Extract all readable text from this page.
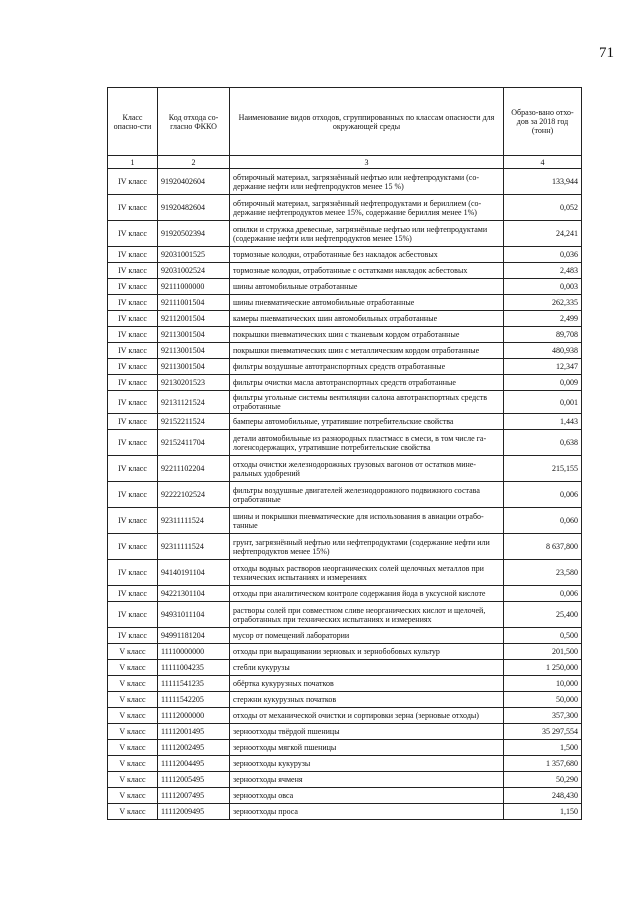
71
Класс опасно-сти	Код отхода со-гласно ФККО	Наименование видов отходов, сгруппированных по классам опасности для окружающей среды	Образо-вано отхо-дов за 2018 год (тонн)
1	2	3	4
IV класс	91920402604	обтирочный материал, загрязнённый нефтью или нефтепродуктами (со-держание нефти или нефтепродуктов менее 15 %)	133,944
IV класс	91920482604	обтирочный материал, загрязнённый нефтепродуктами и бериллием (со-держание нефтепродуктов менее 15%, содержание бериллия менее 1%)	0,052
IV класс	91920502394	опилки и стружка древесные, загрязнённые нефтью или нефтепродуктами (содержание нефти или нефтепродуктов менее 15%)	24,241
IV класс	92031001525	тормозные колодки, отработанные без накладок асбестовых	0,036
IV класс	92031002524	тормозные колодки, отработанные с остатками накладок асбестовых	2,483
IV класс	92111000000	шины автомобильные отработанные	0,003
IV класс	92111001504	шины пневматические автомобильные отработанные	262,335
IV класс	92112001504	камеры пневматических шин автомобильных отработанные	2,499
IV класс	92113001504	покрышки пневматических шин с тканевым кордом отработанные	89,708
IV класс	92113001504	покрышки пневматических шин с металлическим кордом отработанные	480,938
IV класс	92113001504	фильтры воздушные автотранспортных средств отработанные	12,347
IV класс	92130201523	фильтры очистки масла автотранспортных средств отработанные	0,009
IV класс	92131121524	фильтры угольные системы вентиляции салона автотранспортных средств отработанные	0,001
IV класс	92152211524	бамперы автомобильные, утратившие потребительские свойства	1,443
IV класс	92152411704	детали автомобильные из разнородных пластмасс в смеси, в том числе га-логенсодержащих, утратившие потребительские свойства	0,638
IV класс	92211102204	отходы очистки железнодорожных грузовых вагонов от остатков мине-ральных удобрений	215,155
IV класс	92222102524	фильтры воздушные двигателей железнодорожного подвижного состава отработанные	0,006
IV класс	92311111524	шины и покрышки пневматические для использования в авиации отрабо-танные	0,060
IV класс	92311111524	грунт, загрязнённый нефтью или нефтепродуктами (содержание нефти или нефтепродуктов менее 15%)	8 637,800
IV класс	94140191104	отходы водных растворов неорганических солей щелочных металлов при технических испытаниях и измерениях	23,580
IV класс	94221301104	отходы при аналитическом контроле содержания йода в уксусной кислоте	0,006
IV класс	94931011104	растворы солей при совместном сливе неорганических кислот и щелочей, отработанных при технических испытаниях и измерениях	25,400
IV класс	94991181204	мусор от помещений лаборатории	0,500
V класс	11110000000	отходы при выращивании зерновых и зернобобовых культур	201,500
V класс	11111004235	стебли кукурузы	1 250,000
V класс	11111541235	обёртка кукурузных початков	10,000
V класс	11111542205	стержни кукурузных початков	50,000
V класс	11112000000	отходы от механической очистки и сортировки зерна (зерновые отходы)	357,300
V класс	11112001495	зерноотходы твёрдой пшеницы	35 297,554
V класс	11112002495	зерноотходы мягкой пшеницы	1,500
V класс	11112004495	зерноотходы кукурузы	1 357,680
V класс	11112005495	зерноотходы ячменя	50,290
V класс	11112007495	зерноотходы овса	248,430
V класс	11112009495	зерноотходы проса	1,150
